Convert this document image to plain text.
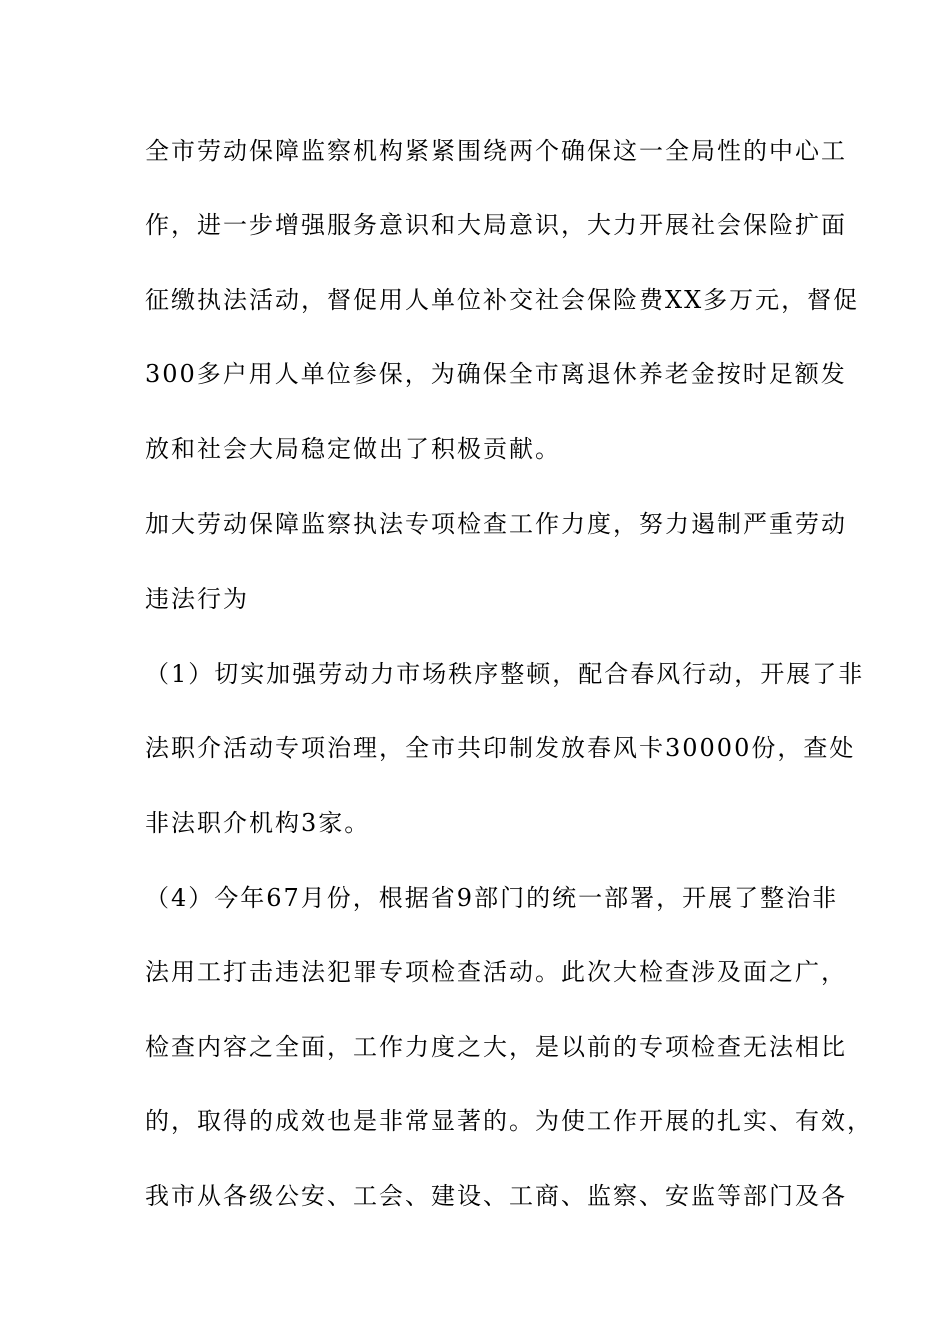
全市劳动保障监察机构紧紧围绕两个确保这一全局性的中心工
作，进一步增强服务意识和大局意识，大力开展社会保险扩面
征缴执法活动，督促用人单位补交社会保险费XX多万元，督促
300多户用人单位参保，为确保全市离退休养老金按时足额发
放和社会大局稳定做出了积极贡献。
加大劳动保障监察执法专项检查工作力度，努力遏制严重劳动
违法行为
（1）切实加强劳动力市场秩序整顿，配合春风行动，开展了非
法职介活动专项治理，全市共印制发放春风卡30000份，查处
非法职介机构3家。
（4）今年67月份，根据省9部门的统一部署，开展了整治非
法用工打击违法犯罪专项检查活动。此次大检查涉及面之广，
检查内容之全面，工作力度之大，是以前的专项检查无法相比
的，取得的成效也是非常显著的。为使工作开展的扎实、有效，
我市从各级公安、工会、建设、工商、监察、安监等部门及各
